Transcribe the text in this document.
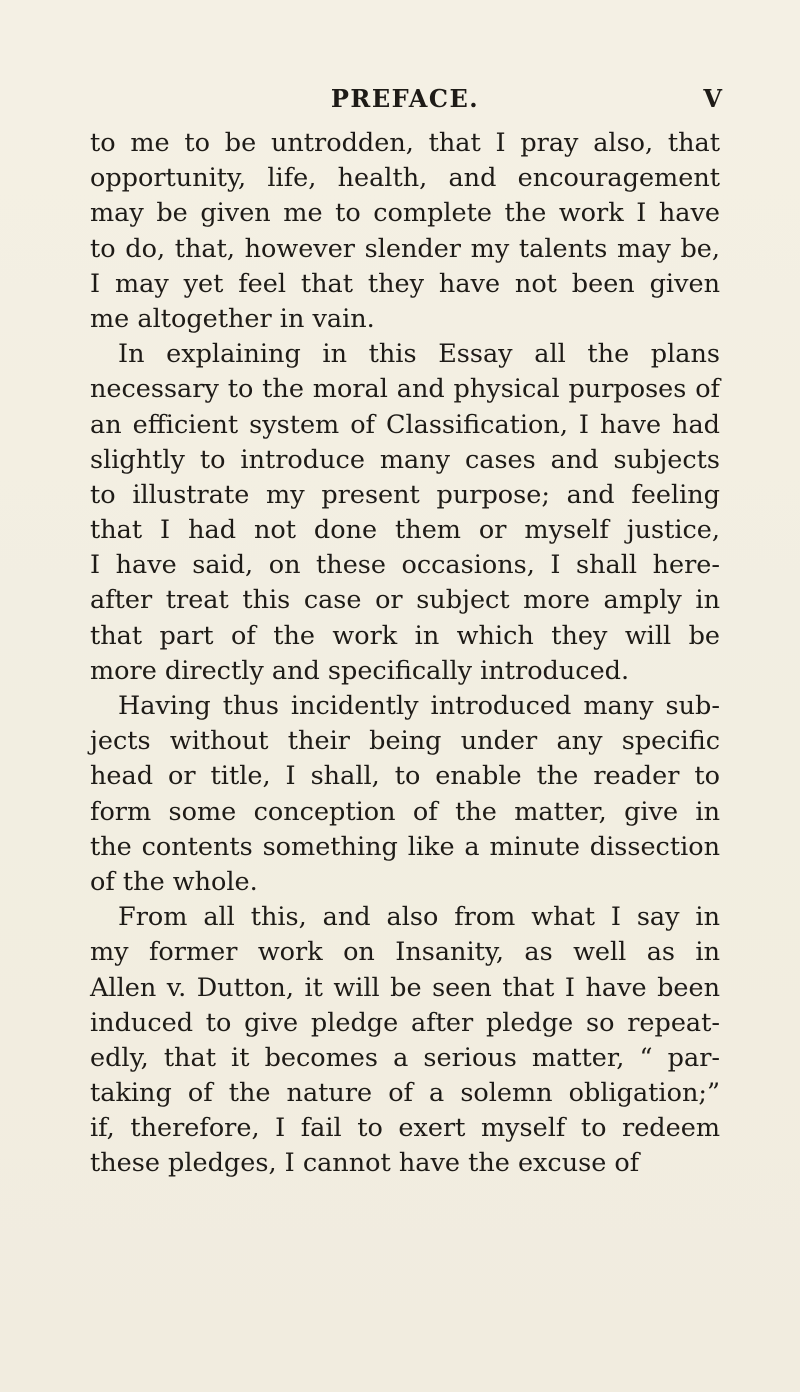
PREFACE.	V
to me to be untrodden, that I pray also, that
opportunity, life, health, and encouragement
may be given me to complete the work I have
to do, that, however slender my talents may be,
I may yet feel that they have not been given
me altogether in vain.
In explaining in this Essay all the plans
necessary to the moral and physical purposes of
an efficient system of Classification, I have had
slightly to introduce many cases and subjects
to illustrate my present purpose; and feeling
that I had not done them or myself justice,
I have said, on these occasions, I shall here-
after treat this case or subject more amply in
that part of the work in which they will be
more directly and specifically introduced.
Having thus incidently introduced many sub-
jects without their being under any specific
head or title, I shall, to enable the reader to
form some conception of the matter, give in
the contents something like a minute dissection
of the whole.
From all this, and also from what I say in
my former work on Insanity, as well as in
Allen v. Dutton, it will be seen that I have been
induced to give pledge after pledge so repeat-
edly, that it becomes a serious matter, “ par-
taking of the nature of a solemn obligation;”
if, therefore, I fail to exert myself to redeem
these pledges, I cannot have the excuse of
